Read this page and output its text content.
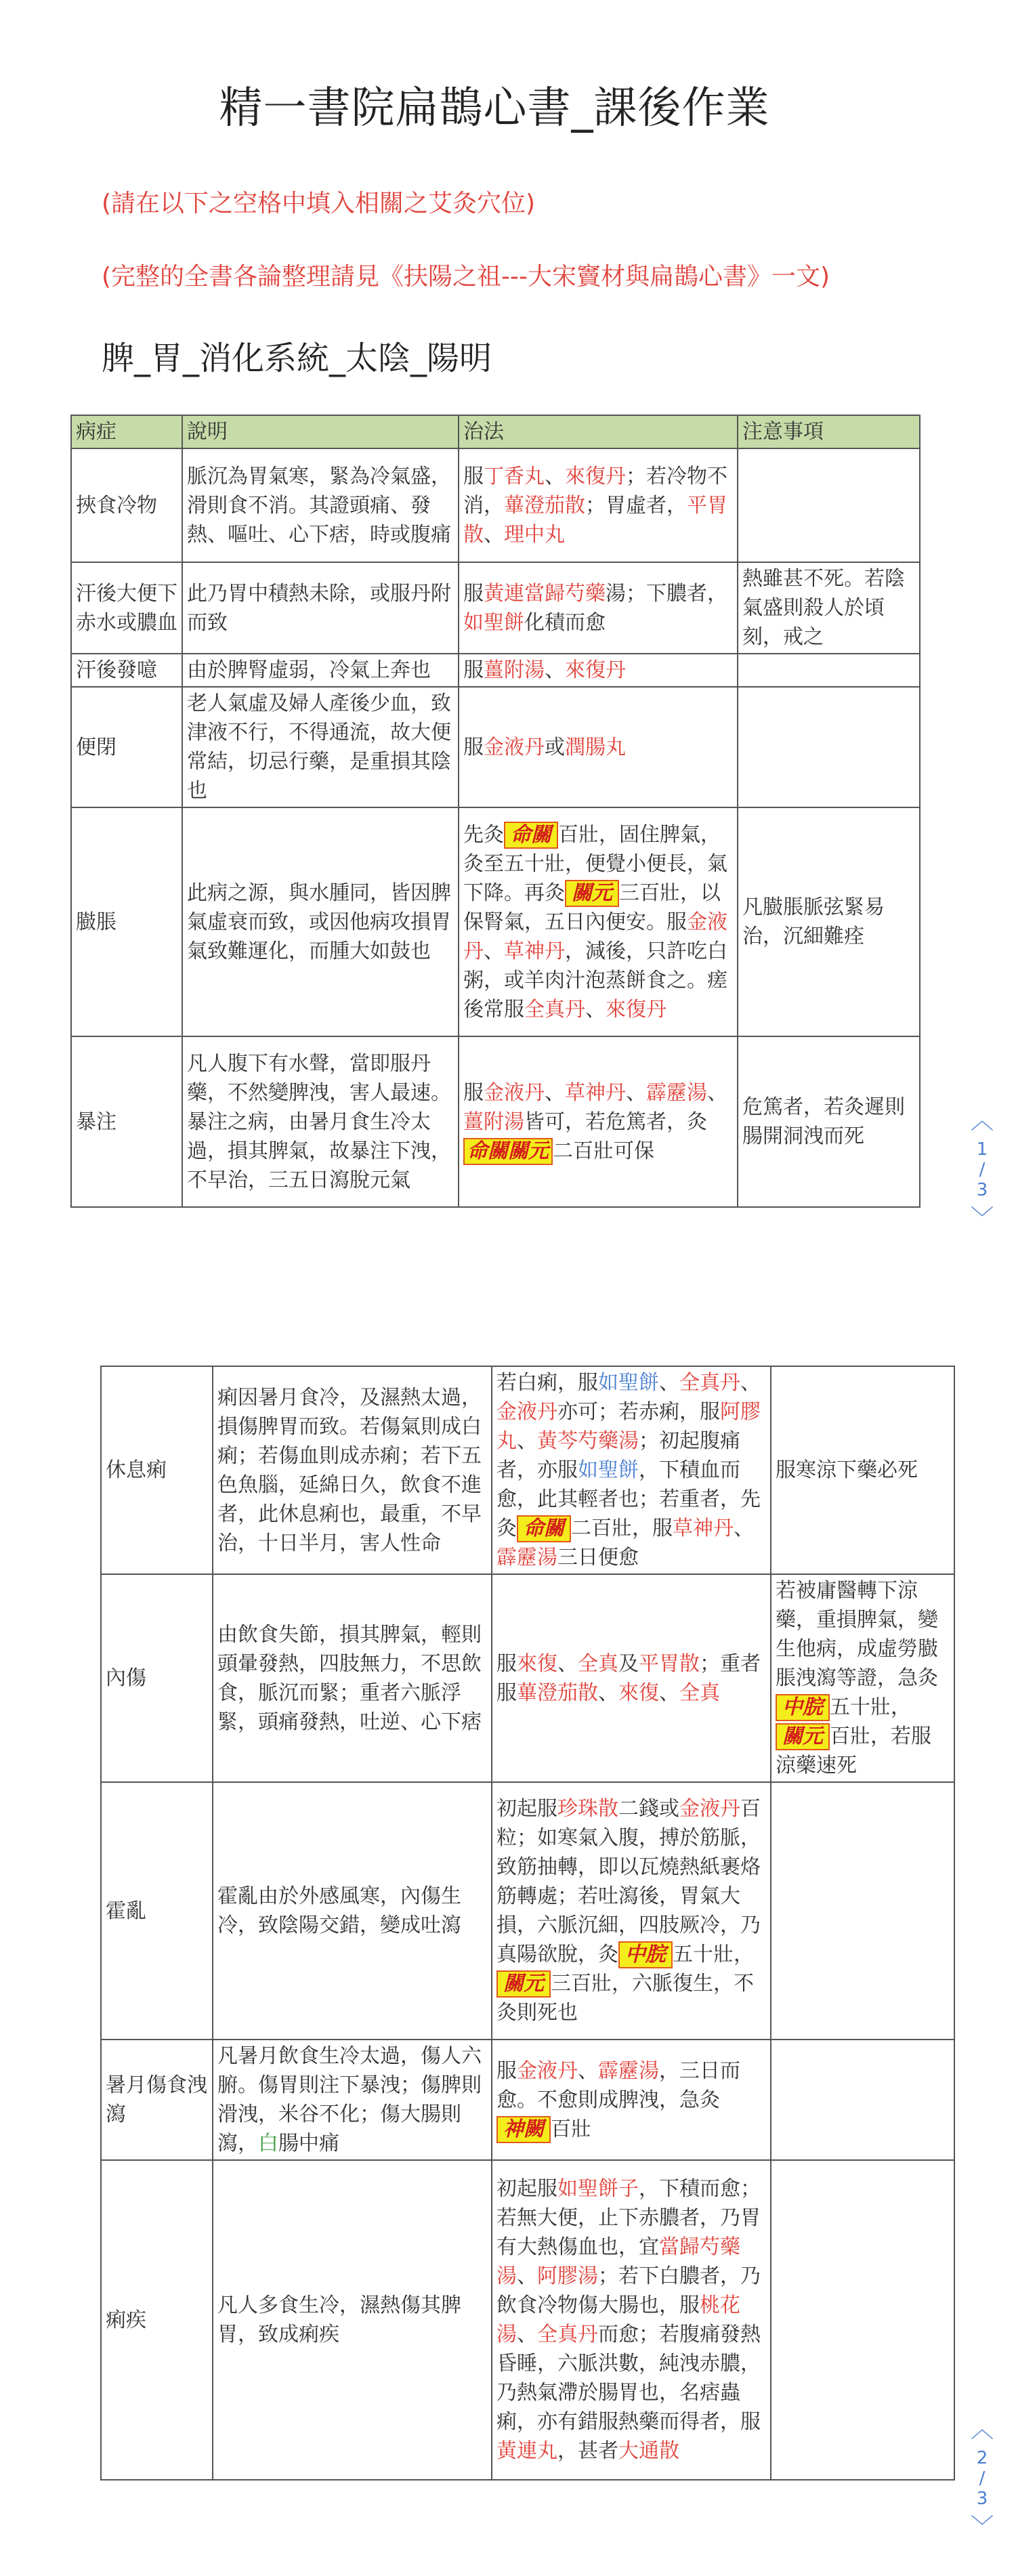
精一書院扁鵲心書_課後作業
(請在以下之空格中填入相關之艾灸穴位)
(完整的全書各論整理請見《扶陽之祖---大宋竇材與扁鵲心書》一文)
脾_胃_消化系統_太陰_陽明
病症	說明	治法	注意事項
挾食冷物	脈沉為胃氣寒，緊為冷氣盛，滑則食不消。其證頭痛、發熱、嘔吐、心下痞，時或腹痛	服丁香丸、來復丹；若冷物不消，蓽澄茄散；胃虛者，平胃散、理中丸	
汗後大便下赤水或膿血	此乃胃中積熱未除，或服丹附而致	服黃連當歸芍藥湯；下膿者，如聖餅化積而愈	熱雖甚不死。若陰氣盛則殺人於頃刻，戒之
汗後發噫	由於脾腎虛弱，冷氣上奔也	服薑附湯、來復丹	
便閉	老人氣虛及婦人產後少血，致津液不行，不得通流，故大便常結，切忌行藥，是重損其陰也	服金液丹或潤腸丸	
臌脹	此病之源，與水腫同，皆因脾氣虛衰而致，或因他病攻損胃氣致難運化，而腫大如鼓也	先灸 命關 百壯，固住脾氣，灸至五十壯，便覺小便長，氣下降。再灸 關元 三百壯，以保腎氣，五日內便安。服金液丹、草神丹，減後，只許吃白粥，或羊肉汁泡蒸餅食之。瘥後常服全真丹、來復丹	凡臌脹脈弦緊易治，沉細難痊
暴注	凡人腹下有水聲，當即服丹藥，不然變脾洩，害人最速。暴注之病，由暑月食生冷太過，損其脾氣，故暴注下洩，不早治，三五日瀉脫元氣	服金液丹、草神丹、霹靂湯、薑附湯皆可，若危篤者，灸命關關元 二百壯可保	危篤者，若灸遲則腸開洞洩而死
︿
1
/
3
﹀
休息痢	痢因暑月食冷，及濕熱太過，損傷脾胃而致。若傷氣則成白痢；若傷血則成赤痢；若下五色魚腦，延綿日久，飲食不進者，此休息痢也，最重，不早治，十日半月，害人性命	若白痢，服如聖餅、全真丹、金液丹亦可；若赤痢，服阿膠丸、黃芩芍藥湯；初起腹痛者，亦服如聖餅，下積血而愈，此其輕者也；若重者，先灸 命關 二百壯，服草神丹、霹靂湯三日便愈	服寒涼下藥必死
內傷	由飲食失節，損其脾氣，輕則頭暈發熱，四肢無力，不思飲食，脈沉而緊；重者六脈浮緊，頭痛發熱，吐逆、心下痞	服來復、全真及平胃散；重者服蓽澄茄散、來復、全真	若被庸醫轉下涼藥，重損脾氣，變生他病，成虛勞臌脹洩瀉等證，急灸中脘 五十壯，關元 百壯，若服涼藥速死
霍亂	霍亂由於外感風寒，內傷生冷，致陰陽交錯，變成吐瀉	初起服珍珠散二錢或金液丹百粒；如寒氣入腹，搏於筋脈，致筋抽轉，即以瓦燒熱紙裹烙筋轉處；若吐瀉後，胃氣大損，六脈沉細，四肢厥冷，乃真陽欲脫，灸 中脘 五十壯，關元 三百壯，六脈復生，不灸則死也	
暑月傷食洩瀉	凡暑月飲食生冷太過，傷人六腑。傷胃則注下暴洩；傷脾則滑洩，米谷不化；傷大腸則瀉，白腸中痛	服金液丹、霹靂湯，三日而愈。不愈則成脾洩，急灸神闕 百壯	
痢疾	凡人多食生冷，濕熱傷其脾胃，致成痢疾	初起服如聖餅子，下積而愈；若無大便，止下赤膿者，乃胃有大熱傷血也，宜當歸芍藥湯、阿膠湯；若下白膿者，乃飲食冷物傷大腸也，服桃花湯、全真丹而愈；若腹痛發熱昏睡，六脈洪數，純洩赤膿，乃熱氣滯於腸胃也，名痞蟲痢，亦有錯服熱藥而得者，服黃連丸，甚者大通散	
︿
2
/
3
﹀
